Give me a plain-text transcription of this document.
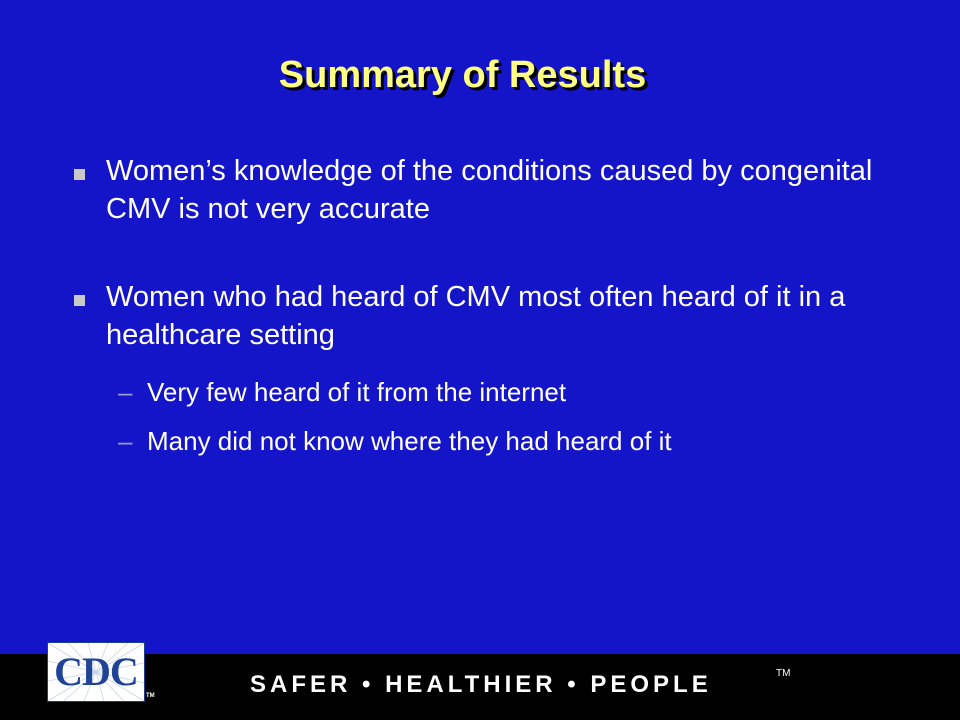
Summary of Results
Women’s knowledge of the conditions caused by congenital CMV is not very accurate
Women who had heard of CMV most often heard of it in a healthcare setting
– Very few heard of it from the internet
– Many did not know where they had heard of it
CDC
TM	SAFER • HEALTHIER • PEOPLE	TM
